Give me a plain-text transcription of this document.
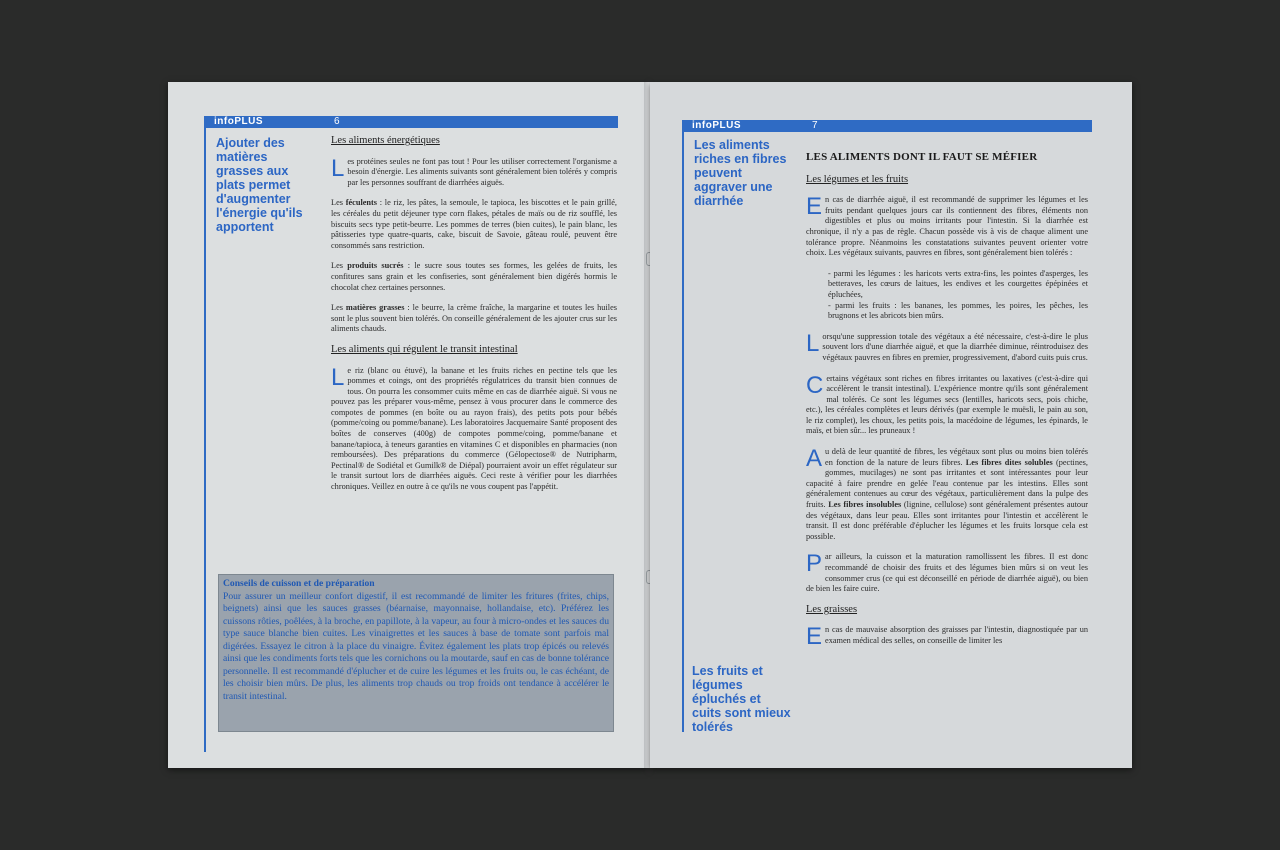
infoPLUS	6
Ajouter des matières grasses aux plats permet d'augmenter l'énergie qu'ils apportent
Les aliments énergétiques

Les protéines seules ne font pas tout ! Pour les utiliser correctement l'organisme a besoin d'énergie. Les aliments suivants sont généralement bien tolérés y compris par les personnes souffrant de diarrhées aiguës.

Les féculents : le riz, les pâtes, la semoule, le tapioca, les biscottes et le pain grillé, les céréales du petit déjeuner type corn flakes, pétales de maïs ou de riz soufflé, les biscuits secs type petit-beurre. Les pommes de terres (bien cuites), le pain blanc, les pâtisseries type quatre-quarts, cake, biscuit de Savoie, gâteau roulé, peuvent être consommés sans restriction.

Les produits sucrés : le sucre sous toutes ses formes, les gelées de fruits, les confitures sans grain et les confiseries, sont généralement bien digérés hormis le chocolat chez certaines personnes.

Les matières grasses : le beurre, la crème fraîche, la margarine et toutes les huiles sont le plus souvent bien tolérés. On conseille généralement de les ajouter crus sur les aliments chauds.

Les aliments qui régulent le transit intestinal

Le riz (blanc ou étuvé), la banane et les fruits riches en pectine tels que les pommes et coings, ont des propriétés régulatrices du transit bien connues de tous. On pourra les consommer cuits même en cas de diarrhée aiguë. Si vous ne pouvez pas les préparer vous-même, pensez à vous procurer dans le commerce des compotes de pommes (en boîte ou au rayon frais), des petits pots pour bébés (pomme/coing ou pomme/banane). Les laboratoires Jacquemaire Santé proposent des boîtes de conserves (400g) de compotes pomme/coing, pomme/banane et banane/tapioca, à teneurs garanties en vitamines C et disponibles en pharmacies (non remboursées). Des préparations du commerce (Gélopectose® de Nutripharm, Pectinal® de Sodiétal et Gumilk® de Diépal) pourraient avoir un effet régulateur sur le transit surtout lors de diarrhées aiguës. Ceci reste à vérifier pour les diarrhées chroniques. Veillez en outre à ce qu'ils ne vous coupent pas l'appétit.

Conseils de cuisson et de préparation
Pour assurer un meilleur confort digestif, il est recommandé de limiter les fritures (frites, chips, beignets) ainsi que les sauces grasses (béarnaise, mayonnaise, hollandaise, etc). Préférez les cuissons rôties, poêlées, à la broche, en papillote, à la vapeur, au four à micro-ondes et les sauces du type sauce blanche bien cuites. Les vinaigrettes et les sauces à base de tomate sont parfois mal digérées. Essayez le citron à la place du vinaigre. Évitez également les plats trop épicés ou relevés ainsi que les condiments forts tels que les cornichons ou la moutarde, sauf en cas de bonne tolérance personnelle. Il est recommandé d'éplucher et de cuire les légumes et les fruits ou, le cas échéant, de les choisir bien mûrs. De plus, les aliments trop chauds ou trop froids ont tendance à accélérer le transit intestinal.
infoPLUS	7
Les aliments riches en fibres peuvent aggraver une diarrhée
Les fruits et légumes épluchés et cuits sont mieux tolérés
LES ALIMENTS DONT IL FAUT SE MÉFIER
Les légumes et les fruits

En cas de diarrhée aiguë, il est recommandé de supprimer les légumes et les fruits pendant quelques jours car ils contiennent des fibres, éléments non digestibles et plus ou moins irritants pour l'intestin. Si la diarrhée est chronique, il n'y a pas de règle. Chacun possède vis à vis de chaque aliment une tolérance propre. Néanmoins les constatations suivantes peuvent orienter votre choix. Les végétaux suivants, pauvres en fibres, sont généralement bien tolérés :

- parmi les légumes : les haricots verts extra-fins, les pointes d'asperges, les betteraves, les cœurs de laitues, les endives et les courgettes épépinées et épluchées,
- parmi les fruits : les bananes, les pommes, les poires, les pêches, les brugnons et les abricots bien mûrs.

Lorsqu'une suppression totale des végétaux a été nécessaire, c'est-à-dire le plus souvent lors d'une diarrhée aiguë, et que la diarrhée diminue, réintroduisez des végétaux pauvres en fibres en premier, progressivement, d'abord cuits puis crus.

Certains végétaux sont riches en fibres irritantes ou laxatives (c'est-à-dire qui accélèrent le transit intestinal). L'expérience montre qu'ils sont généralement mal tolérés. Ce sont les légumes secs (lentilles, haricots secs, pois chiche, etc.), les céréales complètes et leurs dérivés (par exemple le muësli, le pain au son, le riz complet), les choux, les petits pois, la macédoine de légumes, les épinards, le maïs, et bien sûr... les pruneaux !

Au delà de leur quantité de fibres, les végétaux sont plus ou moins bien tolérés en fonction de la nature de leurs fibres. Les fibres dites solubles (pectines, gommes, mucilages) ne sont pas irritantes et sont intéressantes pour leur capacité à faire prendre en gelée l'eau contenue par les intestins. Elles sont généralement contenues au cœur des végétaux, particulièrement dans la pulpe des fruits. Les fibres insolubles (lignine, cellulose) sont généralement présentes autour des végétaux, dans leur peau. Elles sont irritantes pour l'intestin et accélèrent le transit. Il est donc préférable d'éplucher les légumes et les fruits lorsque cela est possible.

Par ailleurs, la cuisson et la maturation ramollissent les fibres. Il est donc recommandé de choisir des fruits et des légumes bien mûrs si on veut les consommer crus (ce qui est déconseillé en période de diarrhée aiguë), ou bien de bien les faire cuire.

Les graisses

En cas de mauvaise absorption des graisses par l'intestin, diagnostiquée par un examen médical des selles, on conseille de limiter les
